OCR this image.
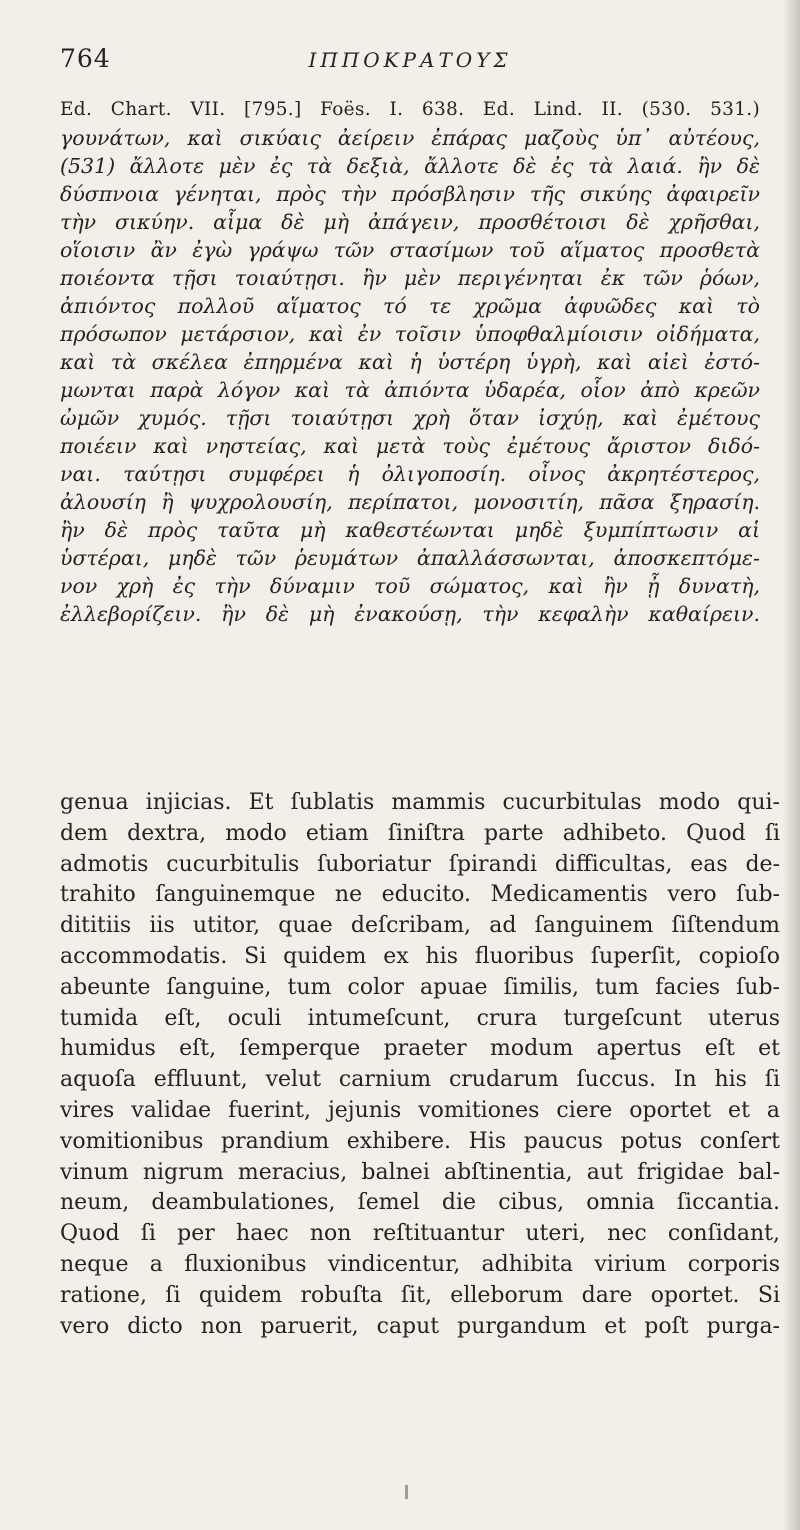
764	ΙΠΠΟΚΡΑΤΟΥΣ
Ed. Chart. VII. [795.] Foës. I. 638. Ed. Lind. II. (530. 531.)
γουνάτων, καὶ σικύαις ἀείρειν ἐπάρας μαζοὺς ὑπ᾽ αὐτέους,
(531) ἄλλοτε μὲν ἐς τὰ δεξιὰ, ἄλλοτε δὲ ἐς τὰ λαιά. ἢν δὲ
δύσπνοια γένηται, πρὸς τὴν πρόσβλησιν τῆς σικύης ἀφαιρεῖν
τὴν σικύην. αἷμα δὲ μὴ ἀπάγειν, προσθέτοισι δὲ χρῆσθαι,
οἵοισιν ἂν ἐγὼ γράψω τῶν στασίμων τοῦ αἵματος προσθετὰ
ποιέοντα τῇσι τοιαύτῃσι. ἢν μὲν περιγένηται ἐκ τῶν ῥόων,
ἀπιόντος πολλοῦ αἵματος τό τε χρῶμα ἀφυῶδες καὶ τὸ
πρόσωπον μετάρσιον, καὶ ἐν τοῖσιν ὑποφθαλμίοισιν οἰδήματα,
καὶ τὰ σκέλεα ἐπηρμένα καὶ ἡ ὑστέρη ὑγρὴ, καὶ αἰεὶ ἐστό-
μωνται παρὰ λόγον καὶ τὰ ἀπιόντα ὑδαρέα, οἷον ἀπὸ κρεῶν
ὠμῶν χυμός. τῇσι τοιαύτῃσι χρὴ ὅταν ἰσχύῃ, καὶ ἐμέτους
ποιέειν καὶ νηστείας, καὶ μετὰ τοὺς ἐμέτους ἄριστον διδό-
ναι. ταύτῃσι συμφέρει ἡ ὀλιγοποσίη. οἶνος ἀκρητέστερος,
ἀλουσίη ἢ ψυχρολουσίη, περίπατοι, μονοσιτίη, πᾶσα ξηρασίη.
ἢν δὲ πρὸς ταῦτα μὴ καθεστέωνται μηδὲ ξυμπίπτωσιν αἱ
ὑστέραι, μηδὲ τῶν ῥευμάτων ἀπαλλάσσωνται, ἀποσκεπτόμε-
νον χρὴ ἐς τὴν δύναμιν τοῦ σώματος, καὶ ἢν ᾖ δυνατὴ,
ἐλλεβορίζειν. ἢν δὲ μὴ ἐνακούσῃ, τὴν κεφαλὴν καθαίρειν.
genua injicias. Et ſublatis mammis cucurbitulas modo qui-
dem dextra, modo etiam ſiniſtra parte adhibeto. Quod ſi
admotis cucurbitulis ſuboriatur ſpirandi difficultas, eas de-
trahito ſanguinemque ne educito. Medicamentis vero ſub-
dititiis iis utitor, quae deſcribam, ad ſanguinem ſiſtendum
accommodatis. Si quidem ex his fluoribus ſuperſit, copioſo
abeunte ſanguine, tum color apuae ſimilis, tum facies ſub-
tumida eſt, oculi intumeſcunt, crura turgeſcunt uterus
humidus eſt, ſemperque praeter modum apertus eſt et
aquoſa effluunt, velut carnium crudarum ſuccus. In his ſi
vires validae fuerint, jejunis vomitiones ciere oportet et a
vomitionibus prandium exhibere. His paucus potus conſert
vinum nigrum meracius, balnei abſtinentia, aut frigidae bal-
neum, deambulationes, ſemel die cibus, omnia ſiccantia.
Quod ſi per haec non reſtituantur uteri, nec conſidant,
neque a fluxionibus vindicentur, adhibita virium corporis
ratione, ſi quidem robuſta ſit, elleborum dare oportet. Si
vero dicto non paruerit, caput purgandum et poſt purga-
